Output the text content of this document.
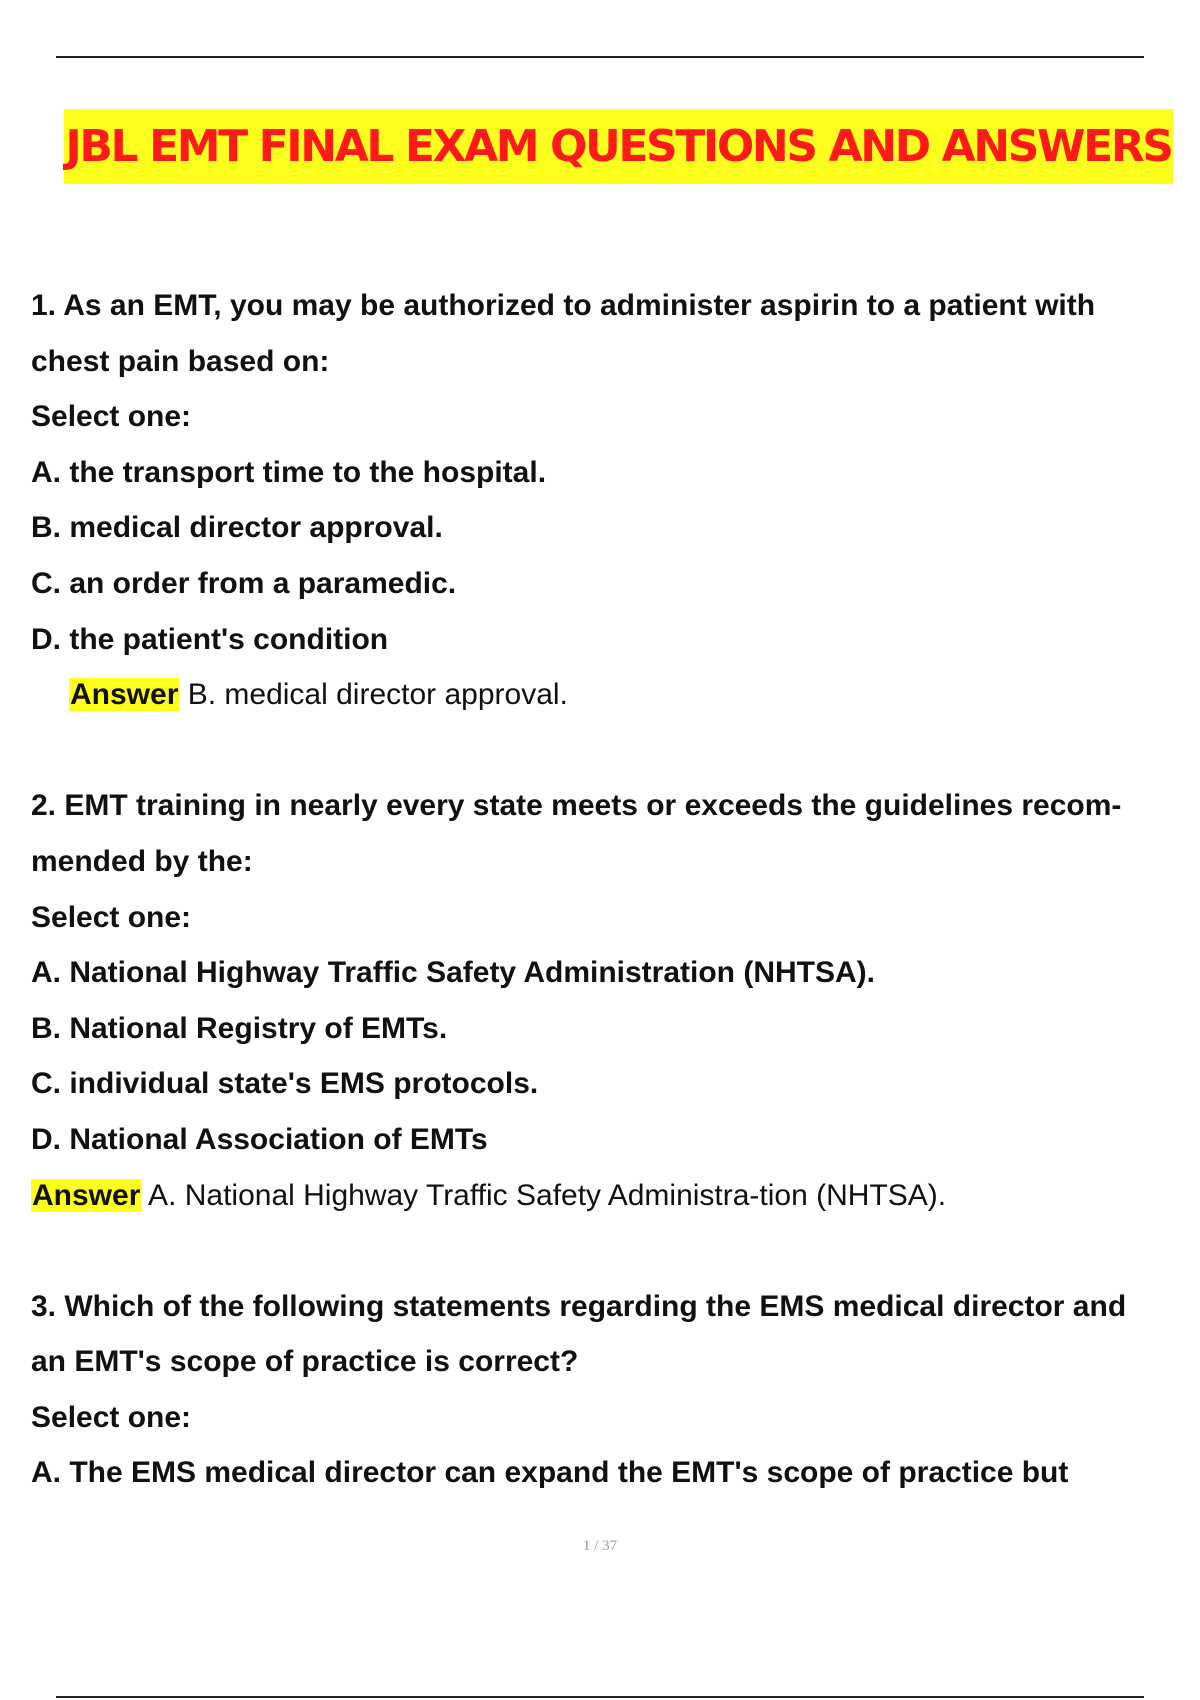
JBL EMT FINAL EXAM QUESTIONS AND ANSWERS
1. As an EMT, you may be authorized to administer aspirin to a patient with
chest pain based on:
Select one:
A. the transport time to the hospital.
B. medical director approval.
C. an order from a paramedic.
D. the patient's condition
Answer B. medical director approval.
2. EMT training in nearly every state meets or exceeds the guidelines recom-
mended by the:
Select one:
A. National Highway Traffic Safety Administration (NHTSA).
B. National Registry of EMTs.
C. individual state's EMS protocols.
D. National Association of EMTs
Answer A. National Highway Traffic Safety Administra-tion (NHTSA).
3. Which of the following statements regarding the EMS medical director and
an EMT's scope of practice is correct?
Select one:
A. The EMS medical director can expand the EMT's scope of practice but
1 / 37
